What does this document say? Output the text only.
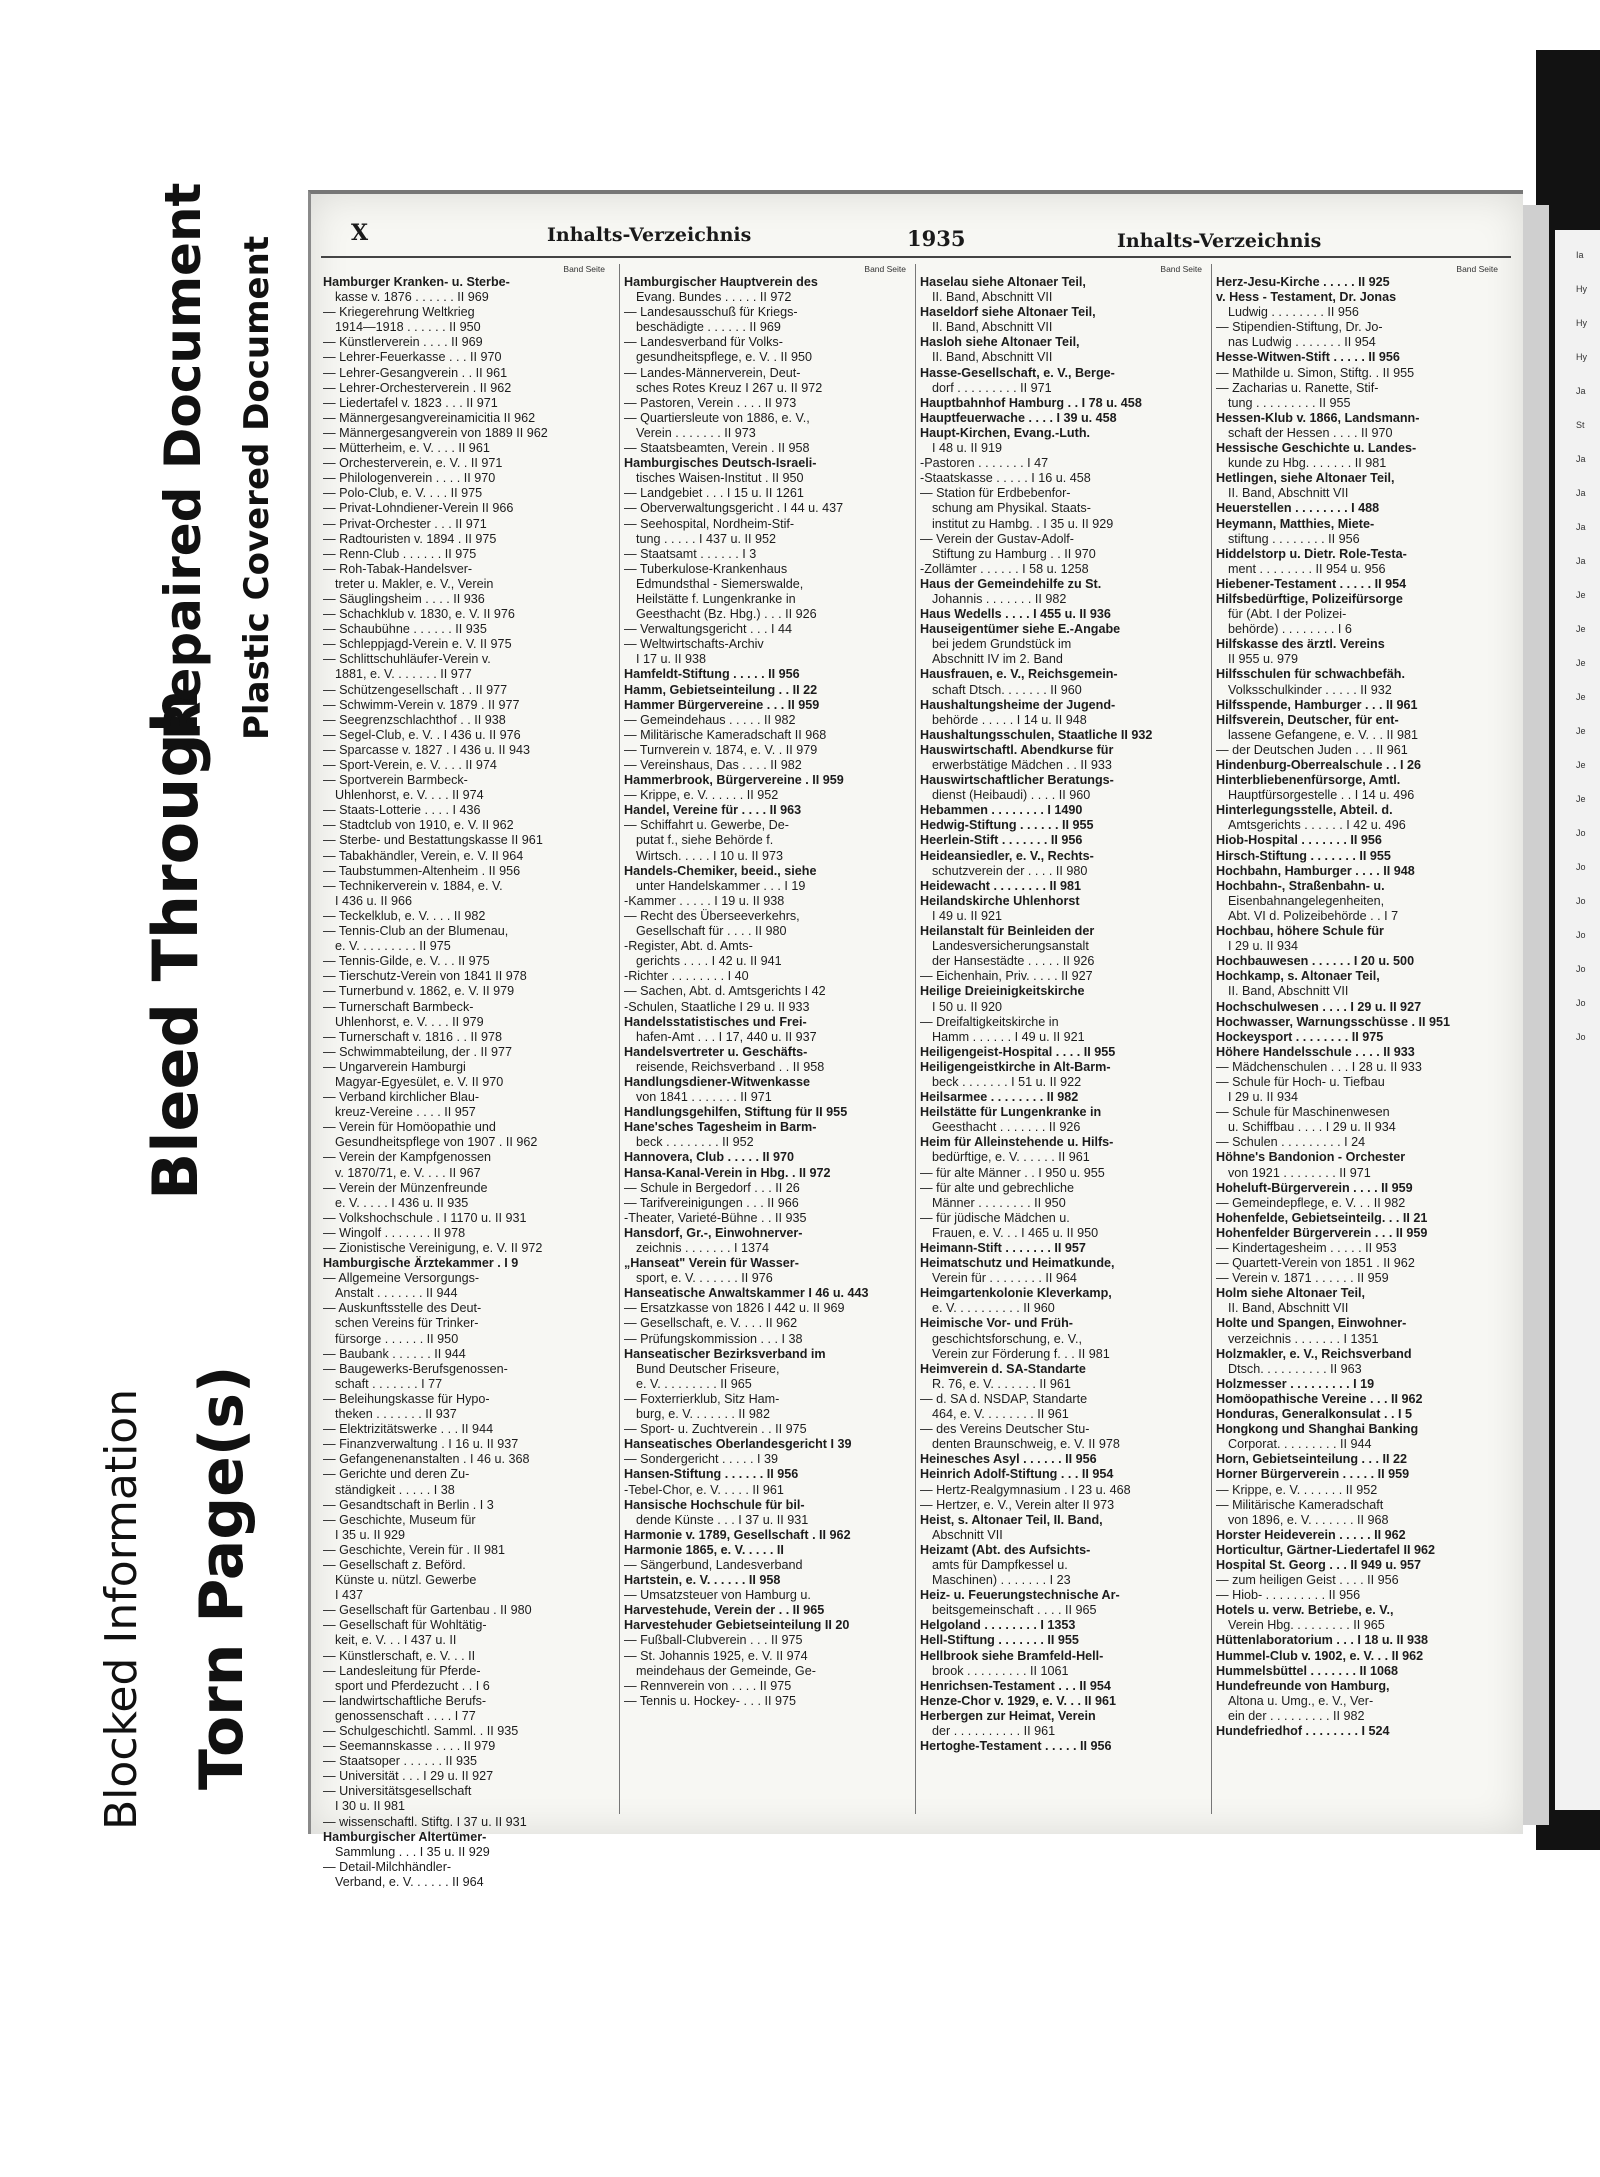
Blocked Information Torn Page(s)
Bleed Through
Repaired Document Plastic Covered Document	Ia
Hy
Hy
Hy
Ja
St
Ja
Ja
Ja
Ja
Je
Je
Je
Je
Je
Je
Je
Jo
Jo
Jo
Jo
Jo
Jo
Jo
X	Inhalts-Verzeichnis	1935	Inhalts-Verzeichnis
Band Seite
Hamburger Kranken- u. Sterbe-
kasse v. 1876 . . . . . . II 969
— Kriegerehrung Weltkrieg
1914—1918 . . . . . . II 950
— Künstlerverein . . . . II 969
— Lehrer-Feuerkasse . . . II 970
— Lehrer-Gesangverein . . II 961
— Lehrer-Orchesterverein . II 962
— Liedertafel v. 1823 . . . II 971
— Männergesangvereinamicitia II 962
— Männergesangverein von 1889 II 962
— Mütterheim, e. V. . . . II 961
— Orchesterverein, e. V. . II 971
— Philologenverein . . . . II 970
— Polo-Club, e. V. . . . II 975
— Privat-Lohndiener-Verein II 966
— Privat-Orchester . . . II 971
— Radtouristen v. 1894 . II 975
— Renn-Club . . . . . . II 975
— Roh-Tabak-Handelsver-
treter u. Makler, e. V., Verein
— Säuglingsheim . . . . II 936
— Schachklub v. 1830, e. V. II 976
— Schaubühne . . . . . . II 935
— Schleppjagd-Verein e. V. II 975
— Schlittschuhläufer-Verein v.
1881, e. V. . . . . . . II 977
— Schützengesellschaft . . II 977
— Schwimm-Verein v. 1879 . II 977
— Seegrenzschlachthof . . II 938
— Segel-Club, e. V. . I 436 u. II 976
— Sparcasse v. 1827 . I 436 u. II 943
— Sport-Verein, e. V. . . . II 974
— Sportverein Barmbeck-
Uhlenhorst, e. V. . . . II 974
— Staats-Lotterie . . . . I 436
— Stadtclub von 1910, e. V. II 962
— Sterbe- und Bestattungskasse II 961
— Tabakhändler, Verein, e. V. II 964
— Taubstummen-Altenheim . II 956
— Technikerverein v. 1884, e. V.
I 436 u. II 966
— Teckelklub, e. V. . . . II 982
— Tennis-Club an der Blumenau,
e. V. . . . . . . . . II 975
— Tennis-Gilde, e. V. . . II 975
— Tierschutz-Verein von 1841 II 978
— Turnerbund v. 1862, e. V. II 979
— Turnerschaft Barmbeck-
Uhlenhorst, e. V. . . . II 979
— Turnerschaft v. 1816 . . II 978
— Schwimmabteilung, der . II 977
— Ungarverein Hamburgi
Magyar-Egyesület, e. V. II 970
— Verband kirchlicher Blau-
kreuz-Vereine . . . . II 957
— Verein für Homöopathie und
Gesundheitspflege von 1907 . II 962
— Verein der Kampfgenossen
v. 1870/71, e. V. . . . II 967
— Verein der Münzenfreunde
e. V. . . . . I 436 u. II 935
— Volkshochschule . I 1170 u. II 931
— Wingolf . . . . . . . II 978
— Zionistische Vereinigung, e. V. II 972
Hamburgische Ärztekammer . I 9
— Allgemeine Versorgungs-
Anstalt . . . . . . . II 944
— Auskunftsstelle des Deut-
schen Vereins für Trinker-
fürsorge . . . . . . II 950
— Baubank . . . . . . II 944
— Baugewerks-Berufsgenossen-
schaft . . . . . . . I 77
— Beleihungskasse für Hypo-
theken . . . . . . . II 937
— Elektrizitätswerke . . . II 944
— Finanzverwaltung . I 16 u. II 937
— Gefangenenanstalten . I 46 u. 368
— Gerichte und deren Zu-
ständigkeit . . . . . I 38
— Gesandtschaft in Berlin . I 3
— Geschichte, Museum für
I 35 u. II 929
— Geschichte, Verein für . II 981
— Gesellschaft z. Beförd.
Künste u. nützl. Gewerbe
I 437
— Gesellschaft für Gartenbau . II 980
— Gesellschaft für Wohltätig-
keit, e. V. . . I 437 u. II
— Künstlerschaft, e. V. . . II
— Landesleitung für Pferde-
sport und Pferdezucht . . I 6
— landwirtschaftliche Berufs-
genossenschaft . . . . I 77
— Schulgeschichtl. Samml. . II 935
— Seemannskasse . . . . II 979
— Staatsoper . . . . . . II 935
— Universität . . . I 29 u. II 927
— Universitätsgesellschaft
I 30 u. II 981
— wissenschaftl. Stiftg. I 37 u. II 931
Hamburgischer Altertümer-
Sammlung . . . I 35 u. II 929
— Detail-Milchhändler-
Verband, e. V. . . . . . II 964
Band Seite
Hamburgischer Hauptverein des
Evang. Bundes . . . . . II 972
— Landesausschuß für Kriegs-
beschädigte . . . . . . II 969
— Landesverband für Volks-
gesundheitspflege, e. V. . II 950
— Landes-Männerverein, Deut-
sches Rotes Kreuz I 267 u. II 972
— Pastoren, Verein . . . . II 973
— Quartiersleute von 1886, e. V.,
Verein . . . . . . . II 973
— Staatsbeamten, Verein . II 958
Hamburgisches Deutsch-Israeli-
tisches Waisen-Institut . II 950
— Landgebiet . . . I 15 u. II 1261
— Oberverwaltungsgericht . I 44 u. 437
— Seehospital, Nordheim-Stif-
tung . . . . . I 437 u. II 952
— Staatsamt . . . . . . I 3
— Tuberkulose-Krankenhaus
Edmundsthal - Siemerswalde,
Heilstätte f. Lungenkranke in
Geesthacht (Bz. Hbg.) . . . II 926
— Verwaltungsgericht . . . I 44
— Weltwirtschafts-Archiv
I 17 u. II 938
Hamfeldt-Stiftung . . . . . II 956
Hamm, Gebietseinteilung . . II 22
Hammer Bürgervereine . . . II 959
— Gemeindehaus . . . . . II 982
— Militärische Kameradschaft II 968
— Turnverein v. 1874, e. V. . II 979
— Vereinshaus, Das . . . . II 982
Hammerbrook, Bürgervereine . II 959
— Krippe, e. V. . . . . . II 952
Handel, Vereine für . . . . II 963
— Schiffahrt u. Gewerbe, De-
putat f., siehe Behörde f.
Wirtsch. . . . . I 10 u. II 973
Handels-Chemiker, beeid., siehe
unter Handelskammer . . . I 19
-Kammer . . . . . I 19 u. II 938
— Recht des Überseeverkehrs,
Gesellschaft für . . . . II 980
-Register, Abt. d. Amts-
gerichts . . . . I 42 u. II 941
-Richter . . . . . . . . I 40
— Sachen, Abt. d. Amtsgerichts I 42
-Schulen, Staatliche I 29 u. II 933
Handelsstatistisches und Frei-
hafen-Amt . . . I 17, 440 u. II 937
Handelsvertreter u. Geschäfts-
reisende, Reichsverband . . II 958
Handlungsdiener-Witwenkasse
von 1841 . . . . . . . II 971
Handlungsgehilfen, Stiftung für II 955
Hane'sches Tagesheim in Barm-
beck . . . . . . . . II 952
Hannovera, Club . . . . . II 970
Hansa-Kanal-Verein in Hbg. . II 972
— Schule in Bergedorf . . . II 26
— Tarifvereinigungen . . . II 966
-Theater, Varieté-Bühne . . II 935
Hansdorf, Gr.-, Einwohnerver-
zeichnis . . . . . . . I 1374
„Hanseat" Verein für Wasser-
sport, e. V. . . . . . . II 976
Hanseatische Anwaltskammer I 46 u. 443
— Ersatzkasse von 1826 I 442 u. II 969
— Gesellschaft, e. V. . . . II 962
— Prüfungskommission . . . I 38
Hanseatischer Bezirksverband im
Bund Deutscher Friseure,
e. V. . . . . . . . . II 965
— Foxterrierklub, Sitz Ham-
burg, e. V. . . . . . . II 982
— Sport- u. Zuchtverein . . II 975
Hanseatisches Oberlandesgericht I 39
— Sondergericht . . . . . I 39
Hansen-Stiftung . . . . . . II 956
-Tebel-Chor, e. V. . . . . II 961
Hansische Hochschule für bil-
dende Künste . . . I 37 u. II 931
Harmonie v. 1789, Gesellschaft . II 962
Harmonie 1865, e. V. . . . . II
— Sängerbund, Landesverband
Hartstein, e. V. . . . . . II 958
— Umsatzsteuer von Hamburg u.
Harvestehude, Verein der . . II 965
Harvestehuder Gebietseinteilung II 20
— Fußball-Clubverein . . . II 975
— St. Johannis 1925, e. V. II 974
meindehaus der Gemeinde, Ge-
— Rennverein von . . . . II 975
— Tennis u. Hockey- . . . II 975
Band Seite
Haselau siehe Altonaer Teil,
II. Band, Abschnitt VII
Haseldorf siehe Altonaer Teil,
II. Band, Abschnitt VII
Hasloh siehe Altonaer Teil,
II. Band, Abschnitt VII
Hasse-Gesellschaft, e. V., Berge-
dorf . . . . . . . . . II 971
Hauptbahnhof Hamburg . . I 78 u. 458
Hauptfeuerwache . . . . I 39 u. 458
Haupt-Kirchen, Evang.-Luth.
I 48 u. II 919
-Pastoren . . . . . . . I 47
-Staatskasse . . . . . I 16 u. 458
— Station für Erdbebenfor-
schung am Physikal. Staats-
institut zu Hambg. . I 35 u. II 929
— Verein der Gustav-Adolf-
Stiftung zu Hamburg . . II 970
-Zollämter . . . . . . I 58 u. 1258
Haus der Gemeindehilfe zu St.
Johannis . . . . . . . II 982
Haus Wedells . . . . I 455 u. II 936
Hauseigentümer siehe E.-Angabe
bei jedem Grundstück im
Abschnitt IV im 2. Band
Hausfrauen, e. V., Reichsgemein-
schaft Dtsch. . . . . . . II 960
Haushaltungsheime der Jugend-
behörde . . . . . I 14 u. II 948
Haushaltungsschulen, Staatliche II 932
Hauswirtschaftl. Abendkurse für
erwerbstätige Mädchen . . II 933
Hauswirtschaftlicher Beratungs-
dienst (Heibaudi) . . . . II 960
Hebammen . . . . . . . . I 1490
Hedwig-Stiftung . . . . . . II 955
Heerlein-Stift . . . . . . . II 956
Heideansiedler, e. V., Rechts-
schutzverein der . . . . II 980
Heidewacht . . . . . . . . II 981
Heilandskirche Uhlenhorst
I 49 u. II 921
Heilanstalt für Beinleiden der
Landesversicherungsanstalt
der Hansestädte . . . . . II 926
— Eichenhain, Priv. . . . . II 927
Heilige Dreieinigkeitskirche
I 50 u. II 920
— Dreifaltigkeitskirche in
Hamm . . . . . . I 49 u. II 921
Heiligengeist-Hospital . . . . II 955
Heiligengeistkirche in Alt-Barm-
beck . . . . . . . I 51 u. II 922
Heilsarmee . . . . . . . . II 982
Heilstätte für Lungenkranke in
Geesthacht . . . . . . . II 926
Heim für Alleinstehende u. Hilfs-
bedürftige, e. V. . . . . . II 961
— für alte Männer . . I 950 u. 955
— für alte und gebrechliche
Männer . . . . . . . . II 950
— für jüdische Mädchen u.
Frauen, e. V. . . I 465 u. II 950
Heimann-Stift . . . . . . . II 957
Heimatschutz und Heimatkunde,
Verein für . . . . . . . . II 964
Heimgartenkolonie Kleverkamp,
e. V. . . . . . . . . . II 960
Heimische Vor- und Früh-
geschichtsforschung, e. V.,
Verein zur Förderung f. . . II 981
Heimverein d. SA-Standarte
R. 76, e. V. . . . . . . II 961
— d. SA d. NSDAP, Standarte
464, e. V. . . . . . . . II 961
— des Vereins Deutscher Stu-
denten Braunschweig, e. V. II 978
Heinesches Asyl . . . . . . II 956
Heinrich Adolf-Stiftung . . . II 954
— Hertz-Realgymnasium . I 23 u. 468
— Hertzer, e. V., Verein alter II 973
Heist, s. Altonaer Teil, II. Band,
Abschnitt VII
Heizamt (Abt. des Aufsichts-
amts für Dampfkessel u.
Maschinen) . . . . . . . I 23
Heiz- u. Feuerungstechnische Ar-
beitsgemeinschaft . . . . II 965
Helgoland . . . . . . . . I 1353
Hell-Stiftung . . . . . . . II 955
Hellbrook siehe Bramfeld-Hell-
brook . . . . . . . . . II 1061
Henrichsen-Testament . . . II 954
Henze-Chor v. 1929, e. V. . . II 961
Herbergen zur Heimat, Verein
der . . . . . . . . . . II 961
Hertoghe-Testament . . . . . II 956
Band Seite
Herz-Jesu-Kirche . . . . . II 925
v. Hess - Testament, Dr. Jonas
Ludwig . . . . . . . . II 956
— Stipendien-Stiftung, Dr. Jo-
nas Ludwig . . . . . . . II 954
Hesse-Witwen-Stift . . . . . II 956
— Mathilde u. Simon, Stiftg. . II 955
— Zacharias u. Ranette, Stif-
tung . . . . . . . . . II 955
Hessen-Klub v. 1866, Landsmann-
schaft der Hessen . . . . II 970
Hessische Geschichte u. Landes-
kunde zu Hbg. . . . . . . II 981
Hetlingen, siehe Altonaer Teil,
II. Band, Abschnitt VII
Heuerstellen . . . . . . . . I 488
Heymann, Matthies, Miete-
stiftung . . . . . . . . II 956
Hiddelstorp u. Dietr. Role-Testa-
ment . . . . . . . . II 954 u. 956
Hiebener-Testament . . . . . II 954
Hilfsbedürftige, Polizeifürsorge
für (Abt. I der Polizei-
behörde) . . . . . . . . I 6
Hilfskasse des ärztl. Vereins
II 955 u. 979
Hilfsschulen für schwachbefäh.
Volksschulkinder . . . . . II 932
Hilfsspende, Hamburger . . . II 961
Hilfsverein, Deutscher, für ent-
lassene Gefangene, e. V. . . II 981
— der Deutschen Juden . . . II 961
Hindenburg-Oberrealschule . . I 26
Hinterbliebenenfürsorge, Amtl.
Hauptfürsorgestelle . . I 14 u. 496
Hinterlegungsstelle, Abteil. d.
Amtsgerichts . . . . . . I 42 u. 496
Hiob-Hospital . . . . . . . II 956
Hirsch-Stiftung . . . . . . . II 955
Hochbahn, Hamburger . . . . II 948
Hochbahn-, Straßenbahn- u.
Eisenbahnangelegenheiten,
Abt. VI d. Polizeibehörde . . I 7
Hochbau, höhere Schule für
I 29 u. II 934
Hochbauwesen . . . . . . I 20 u. 500
Hochkamp, s. Altonaer Teil,
II. Band, Abschnitt VII
Hochschulwesen . . . . I 29 u. II 927
Hochwasser, Warnungsschüsse . II 951
Hockeysport . . . . . . . . II 975
Höhere Handelsschule . . . . II 933
— Mädchenschulen . . . I 28 u. II 933
— Schule für Hoch- u. Tiefbau
I 29 u. II 934
— Schule für Maschinenwesen
u. Schiffbau . . . . I 29 u. II 934
— Schulen . . . . . . . . . I 24
Höhne's Bandonion - Orchester
von 1921 . . . . . . . . II 971
Hoheluft-Bürgerverein . . . . II 959
— Gemeindepflege, e. V. . . II 982
Hohenfelde, Gebietseinteilg. . . II 21
Hohenfelder Bürgerverein . . . II 959
— Kindertagesheim . . . . . II 953
— Quartett-Verein von 1851 . II 962
— Verein v. 1871 . . . . . . II 959
Holm siehe Altonaer Teil,
II. Band, Abschnitt VII
Holte und Spangen, Einwohner-
verzeichnis . . . . . . . I 1351
Holzmakler, e. V., Reichsverband
Dtsch. . . . . . . . . . II 963
Holzmesser . . . . . . . . . I 19
Homöopathische Vereine . . . II 962
Honduras, Generalkonsulat . . I 5
Hongkong und Shanghai Banking
Corporat. . . . . . . . . II 944
Horn, Gebietseinteilung . . . II 22
Horner Bürgerverein . . . . . II 959
— Krippe, e. V. . . . . . . II 952
— Militärische Kameradschaft
von 1896, e. V. . . . . . . II 968
Horster Heideverein . . . . . II 962
Horticultur, Gärtner-Liedertafel II 962
Hospital St. Georg . . . II 949 u. 957
— zum heiligen Geist . . . . II 956
— Hiob- . . . . . . . . . II 956
Hotels u. verw. Betriebe, e. V.,
Verein Hbg. . . . . . . . . II 965
Hüttenlaboratorium . . . I 18 u. II 938
Hummel-Club v. 1902, e. V. . . II 962
Hummelsbüttel . . . . . . . II 1068
Hundefreunde von Hamburg,
Altona u. Umg., e. V., Ver-
ein der . . . . . . . . . II 982
Hundefriedhof . . . . . . . . I 524
